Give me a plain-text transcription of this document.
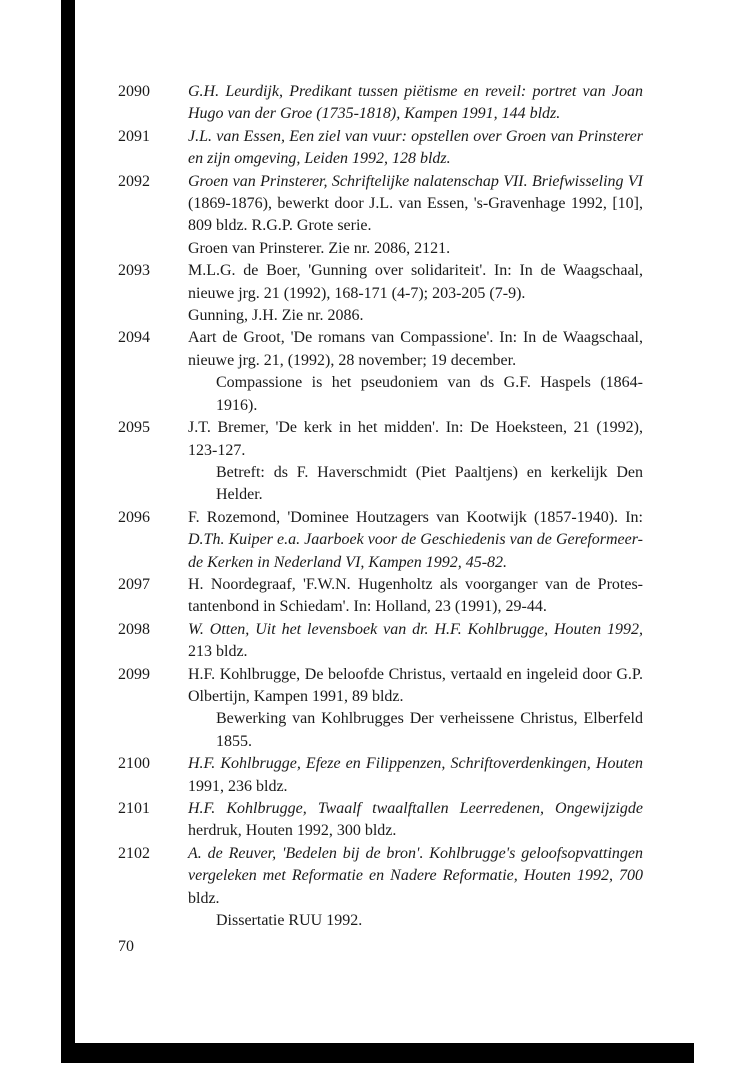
2090	G.H. Leurdijk, Predikant tussen piëtisme en reveil: portret van Joan
Hugo van der Groe (1735-1818), Kampen 1991, 144 bldz.
2091	J.L. van Essen, Een ziel van vuur: opstellen over Groen van Prinsterer
en zijn omgeving, Leiden 1992, 128 bldz.
2092	Groen van Prinsterer, Schriftelijke nalatenschap VII. Briefwisseling VI
(1869-1876), bewerkt door J.L. van Essen, 's-Gravenhage 1992, [10],
809 bldz. R.G.P. Grote serie.
Groen van Prinsterer. Zie nr. 2086, 2121.
2093	M.L.G. de Boer, 'Gunning over solidariteit'. In: In de Waagschaal,
nieuwe jrg. 21 (1992), 168-171 (4-7); 203-205 (7-9).
Gunning, J.H. Zie nr. 2086.
2094	Aart de Groot, 'De romans van Compassione'. In: In de Waagschaal,
nieuwe jrg. 21, (1992), 28 november; 19 december.
Compassione is het pseudoniem van ds G.F. Haspels (1864-
1916).
2095	J.T. Bremer, 'De kerk in het midden'. In: De Hoeksteen, 21 (1992),
123-127.
Betreft: ds F. Haverschmidt (Piet Paaltjens) en kerkelijk Den
Helder.
2096	F. Rozemond, 'Dominee Houtzagers van Kootwijk (1857-1940). In:
D.Th. Kuiper e.a. Jaarboek voor de Geschiedenis van de Gereformeer-
de Kerken in Nederland VI, Kampen 1992, 45-82.
2097	H. Noordegraaf, 'F.W.N. Hugenholtz als voorganger van de Protes-
tantenbond in Schiedam'. In: Holland, 23 (1991), 29-44.
2098	W. Otten, Uit het levensboek van dr. H.F. Kohlbrugge, Houten 1992,
213 bldz.
2099	H.F. Kohlbrugge, De beloofde Christus, vertaald en ingeleid door G.P.
Olbertijn, Kampen 1991, 89 bldz.
Bewerking van Kohlbrugges Der verheissene Christus, Elberfeld
1855.
2100	H.F. Kohlbrugge, Efeze en Filippenzen, Schriftoverdenkingen, Houten
1991, 236 bldz.
2101	H.F. Kohlbrugge, Twaalf twaalftallen Leerredenen, Ongewijzigde
herdruk, Houten 1992, 300 bldz.
2102	A. de Reuver, 'Bedelen bij de bron'. Kohlbrugge's geloofsopvattingen
vergeleken met Reformatie en Nadere Reformatie, Houten 1992, 700
bldz.
Dissertatie RUU 1992.
70
